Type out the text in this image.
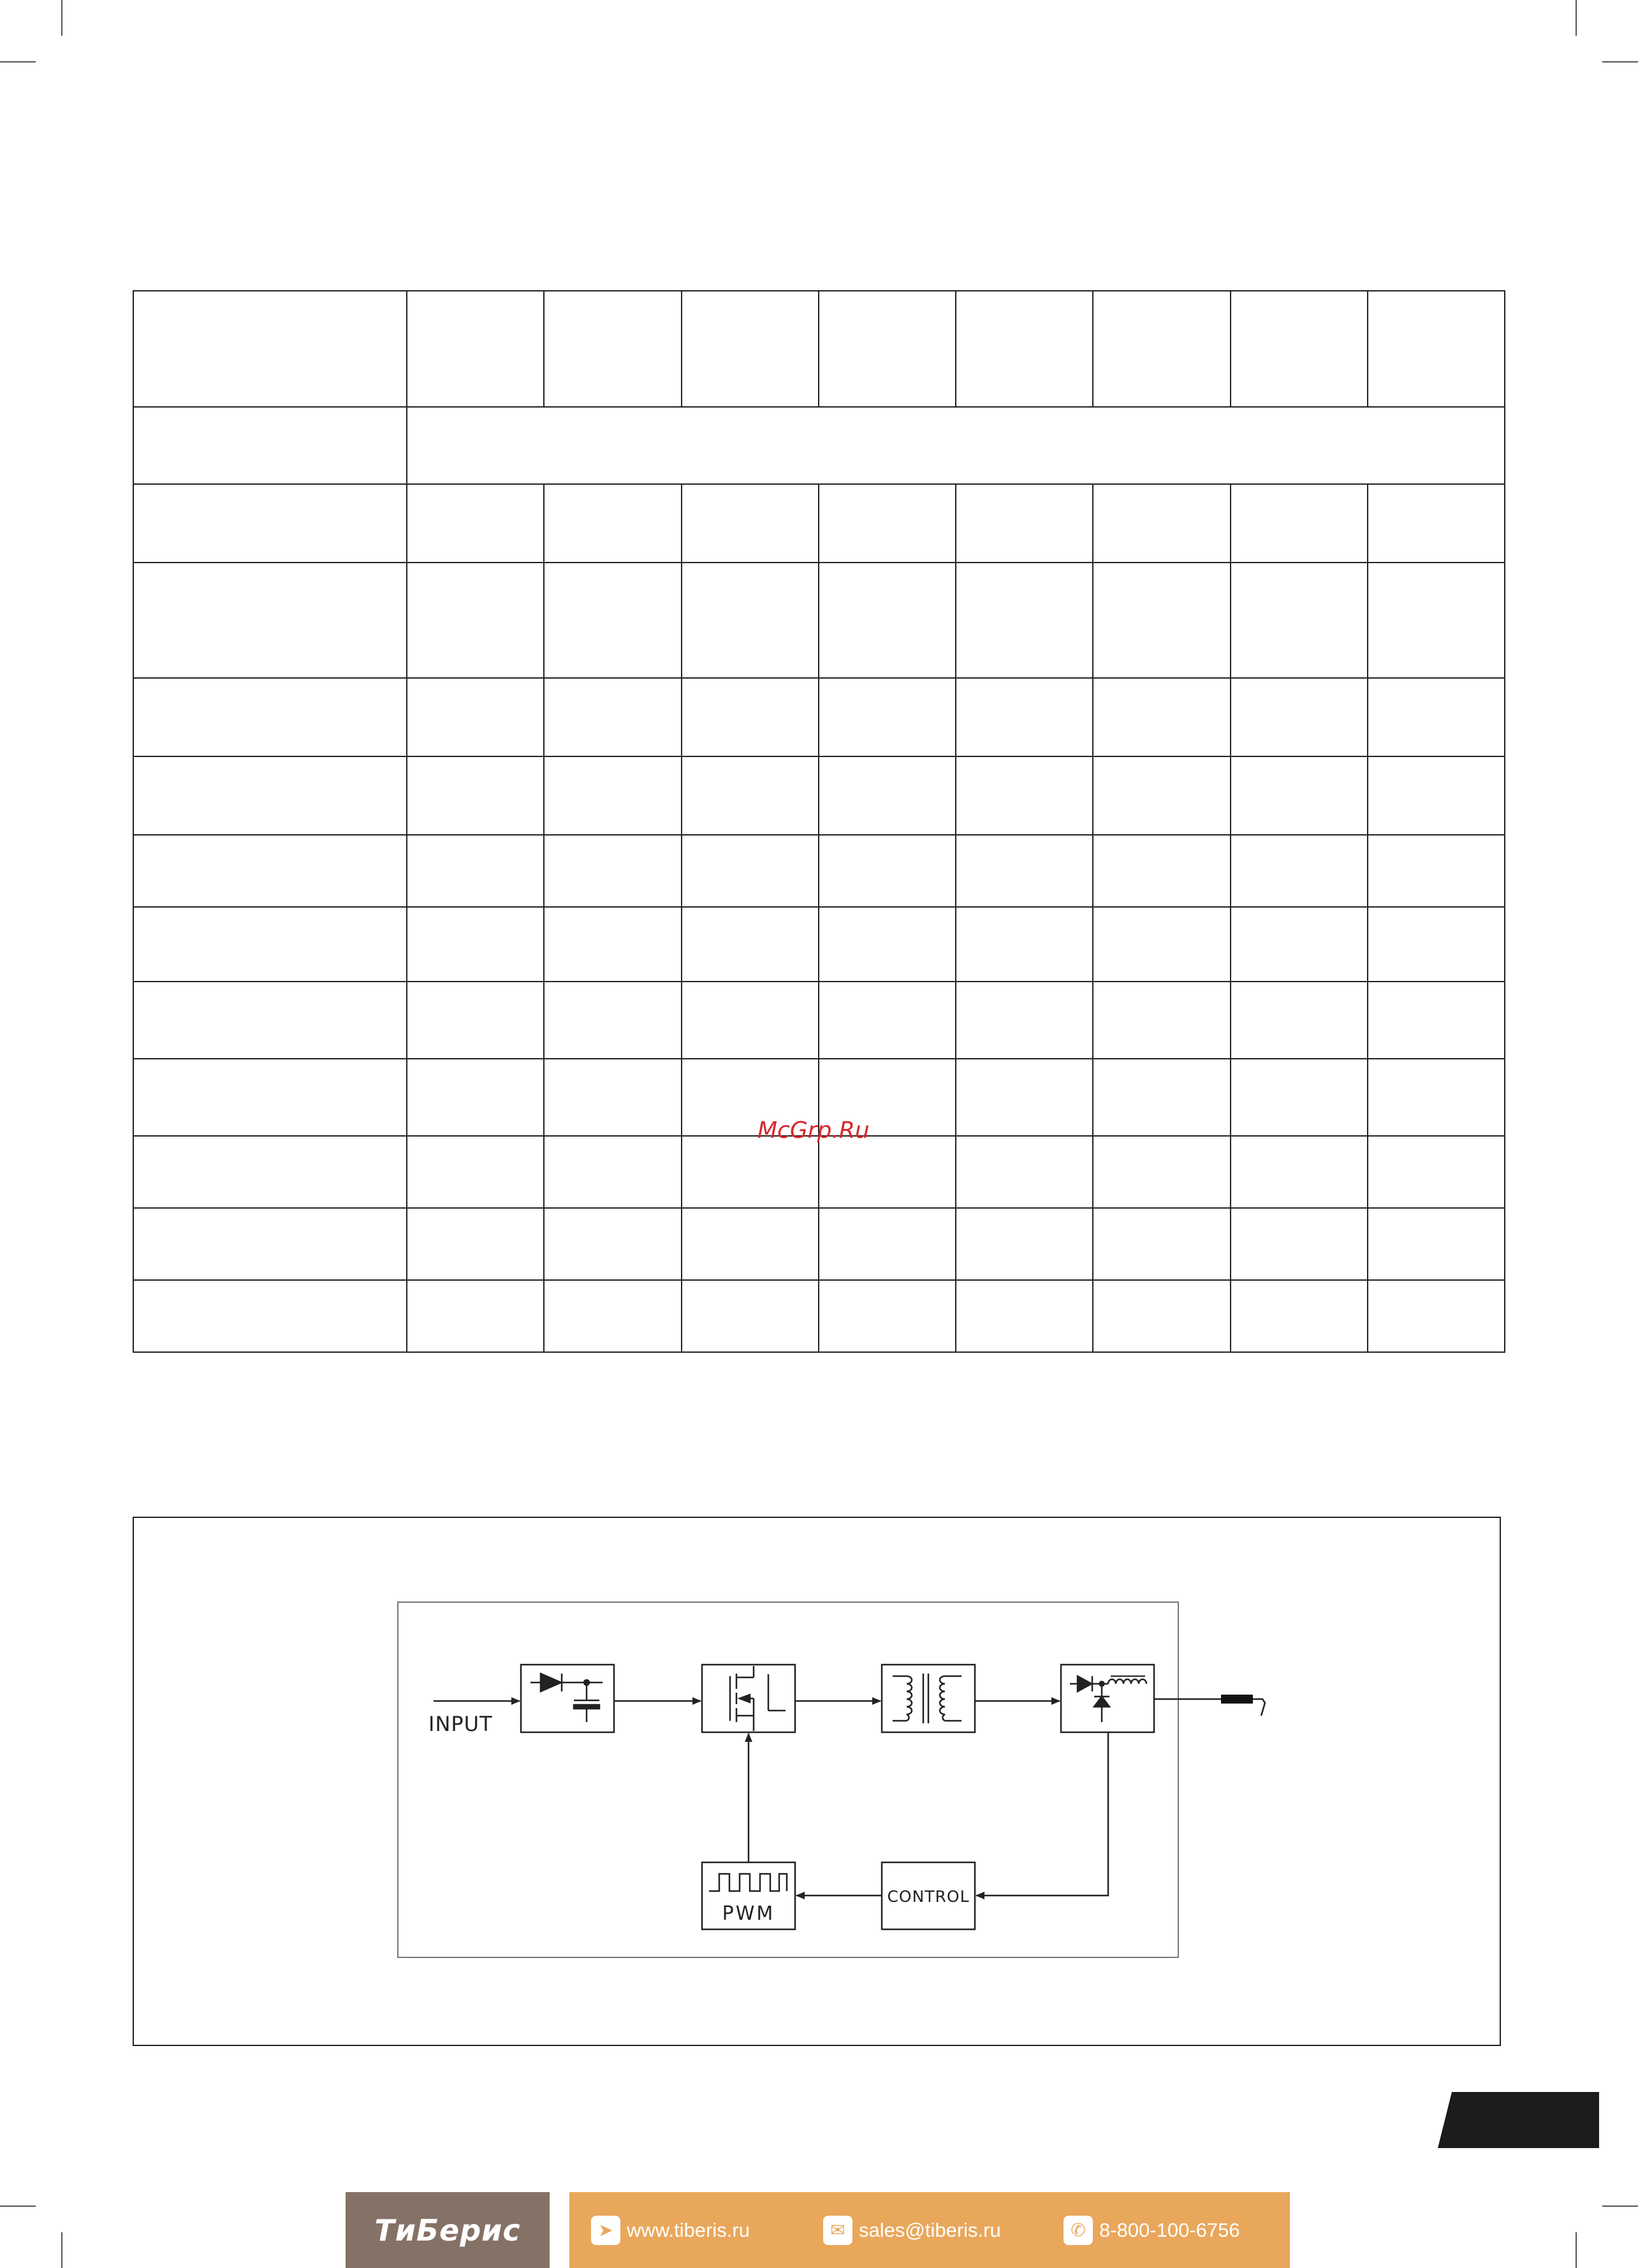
McGrp.Ru
INPUT
PWM
CONTROL
ТиБерис	➤ www.tiberis.ru	✉ sales@tiberis.ru	✆ 8-800-100-6756
